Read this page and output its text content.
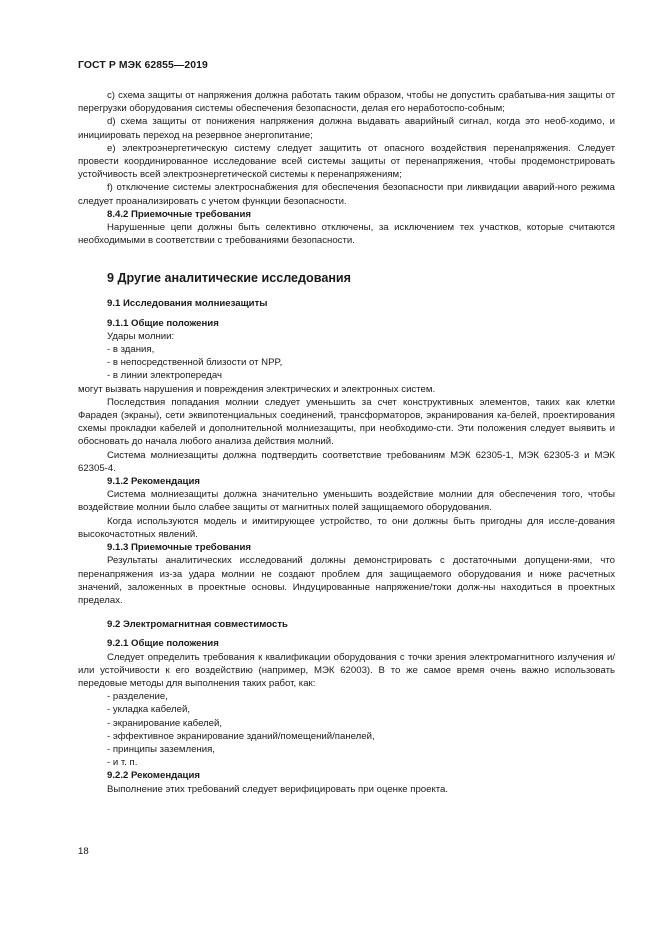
ГОСТ Р МЭК 62855—2019

c) схема защиты от напряжения должна работать таким образом, чтобы не допустить срабатыва-ния защиты от перегрузки оборудования системы обеспечения безопасности, делая его неработоспо-собным;

d) схема защиты от понижения напряжения должна выдавать аварийный сигнал, когда это необ-ходимо, и инициировать переход на резервное энергопитание;

e) электроэнергетическую систему следует защитить от опасного воздействия перенапряжения. Следует провести координированное исследование всей системы защиты от перенапряжения, чтобы продемонстрировать устойчивость всей электроэнергетической системы к перенапряжениям;

f) отключение системы электроснабжения для обеспечения безопасности при ликвидации аварий-ного режима следует проанализировать с учетом функции безопасности.

8.4.2 Приемочные требования

Нарушенные цепи должны быть селективно отключены, за исключением тех участков, которые считаются необходимыми в соответствии с требованиями безопасности.

9 Другие аналитические исследования

9.1 Исследования молниезащиты

9.1.1 Общие положения

Удары молнии:

- в здания,

- в непосредственной близости от NPP,

- в линии электропередач

могут вызвать нарушения и повреждения электрических и электронных систем.

Последствия попадания молнии следует уменьшить за счет конструктивных элементов, таких как клетки Фарадея (экраны), сети эквипотенциальных соединений, трансформаторов, экранирования ка-белей, проектирования схемы прокладки кабелей и дополнительной молниезащиты, при необходимо-сти. Эти положения следует выявить и обосновать до начала любого анализа действия молний.

Система молниезащиты должна подтвердить соответствие требованиям МЭК 62305-1, МЭК 62305-3 и МЭК 62305-4.

9.1.2 Рекомендация

Система молниезащиты должна значительно уменьшить воздействие молнии для обеспечения того, чтобы воздействие молнии было слабее защиты от магнитных полей защищаемого оборудования.

Когда используются модель и имитирующее устройство, то они должны быть пригодны для иссле-дования высокочастотных явлений.

9.1.3 Приемочные требования

Результаты аналитических исследований должны демонстрировать с достаточными допущени-ями, что перенапряжения из-за удара молнии не создают проблем для защищаемого оборудования и ниже расчетных значений, заложенных в проектные основы. Индуцированные напряжение/токи долж-ны находиться в проектных пределах.

9.2 Электромагнитная совместимость

9.2.1 Общие положения

Следует определить требования к квалификации оборудования с точки зрения электромагнитного излучения и/или устойчивости к его воздействию (например, МЭК 62003). В то же самое время очень важно использовать передовые методы для выполнения таких работ, как:

- разделение,

- укладка кабелей,

- экранирование кабелей,

- эффективное экранирование зданий/помещений/панелей,

- принципы заземления,

- и т. п.

9.2.2 Рекомендация

Выполнение этих требований следует верифицировать при оценке проекта.

18
